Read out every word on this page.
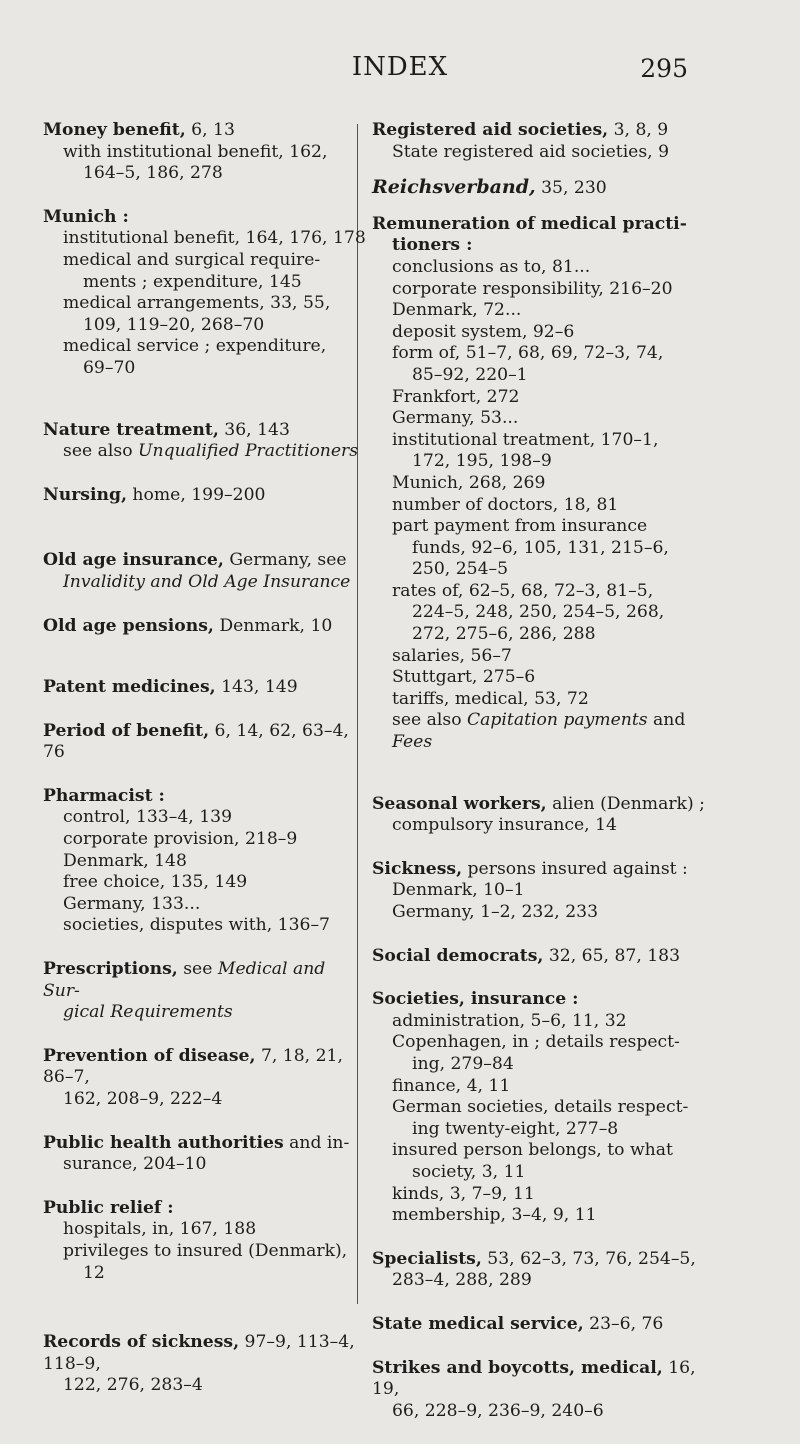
INDEX	295
Money benefit, 6, 13
with institutional benefit, 162,
164–5, 186, 278
Munich :
institutional benefit, 164, 176, 178
medical and surgical require-
ments ; expenditure, 145
medical arrangements, 33, 55,
109, 119–20, 268–70
medical service ; expenditure,
69–70
Nature treatment, 36, 143
see also Unqualified Practitioners
Nursing, home, 199–200
Old age insurance, Germany, see
Invalidity and Old Age Insurance
Old age pensions, Denmark, 10
Patent medicines, 143, 149
Period of benefit, 6, 14, 62, 63–4, 76
Pharmacist :
control, 133–4, 139
corporate provision, 218–9
Denmark, 148
free choice, 135, 149
Germany, 133...
societies, disputes with, 136–7
Prescriptions, see Medical and Sur-
gical Requirements
Prevention of disease, 7, 18, 21, 86–7,
162, 208–9, 222–4
Public health authorities and in-
surance, 204–10
Public relief :
hospitals, in, 167, 188
privileges to insured (Denmark),
12
Records of sickness, 97–9, 113–4, 118–9,
122, 276, 283–4
Registered aid societies, 3, 8, 9
State registered aid societies, 9
Reichsverband, 35, 230
Remuneration of medical practi-
tioners :
conclusions as to, 81...
corporate responsibility, 216–20
Denmark, 72...
deposit system, 92–6
form of, 51–7, 68, 69, 72–3, 74,
85–92, 220–1
Frankfort, 272
Germany, 53...
institutional treatment, 170–1,
172, 195, 198–9
Munich, 268, 269
number of doctors, 18, 81
part payment from insurance
funds, 92–6, 105, 131, 215–6,
250, 254–5
rates of, 62–5, 68, 72–3, 81–5,
224–5, 248, 250, 254–5, 268,
272, 275–6, 286, 288
salaries, 56–7
Stuttgart, 275–6
tariffs, medical, 53, 72
see also Capitation payments and
Fees
Seasonal workers, alien (Denmark) ;
compulsory insurance, 14
Sickness, persons insured against :
Denmark, 10–1
Germany, 1–2, 232, 233
Social democrats, 32, 65, 87, 183
Societies, insurance :
administration, 5–6, 11, 32
Copenhagen, in ; details respect-
ing, 279–84
finance, 4, 11
German societies, details respect-
ing twenty-eight, 277–8
insured person belongs, to what
society, 3, 11
kinds, 3, 7–9, 11
membership, 3–4, 9, 11
Specialists, 53, 62–3, 73, 76, 254–5,
283–4, 288, 289
State medical service, 23–6, 76
Strikes and boycotts, medical, 16, 19,
66, 228–9, 236–9, 240–6
